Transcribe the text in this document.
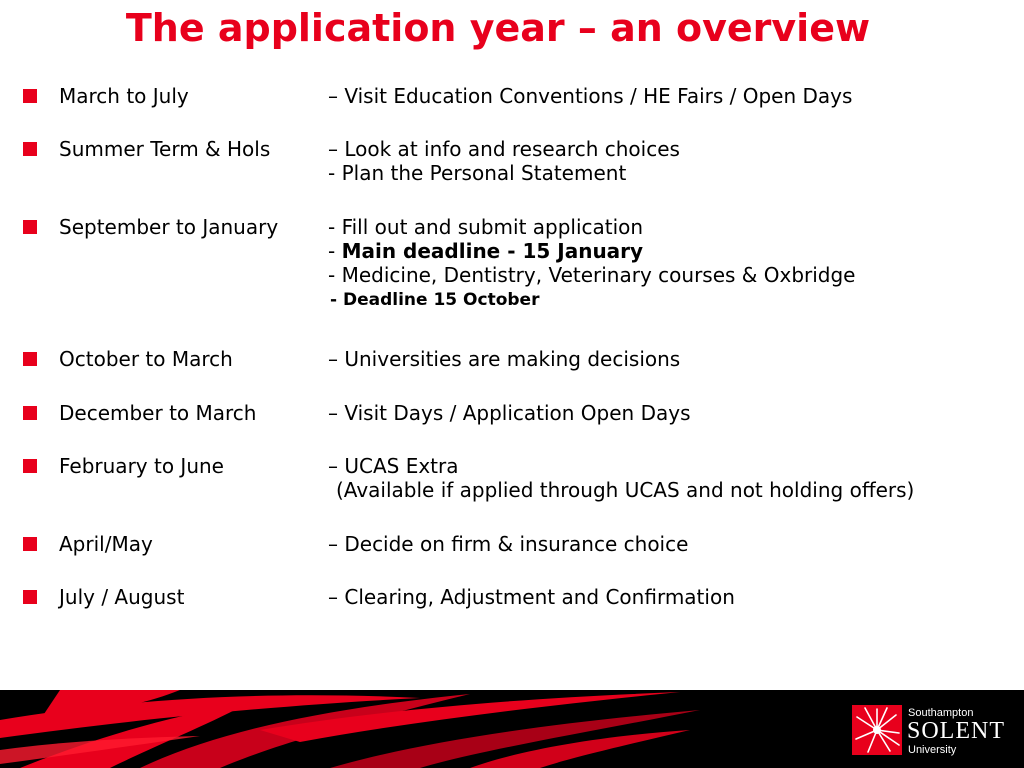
The application year – an overview
March to July	– Visit Education Conventions / HE Fairs / Open Days
Summer Term & Hols	– Look at info and research choices
- Plan the Personal Statement
September to January - Fill out and submit application
- Main deadline - 15 January
- Medicine, Dentistry, Veterinary courses & Oxbridge
- Deadline 15 October
October to March	– Universities are making decisions
December to March	– Visit Days / Application Open Days
February to June	– UCAS Extra
(Available if applied through UCAS and not holding offers)
April/May	– Decide on firm & insurance choice
July / August	– Clearing, Adjustment and Confirmation
Southampton
SOLENT
University
